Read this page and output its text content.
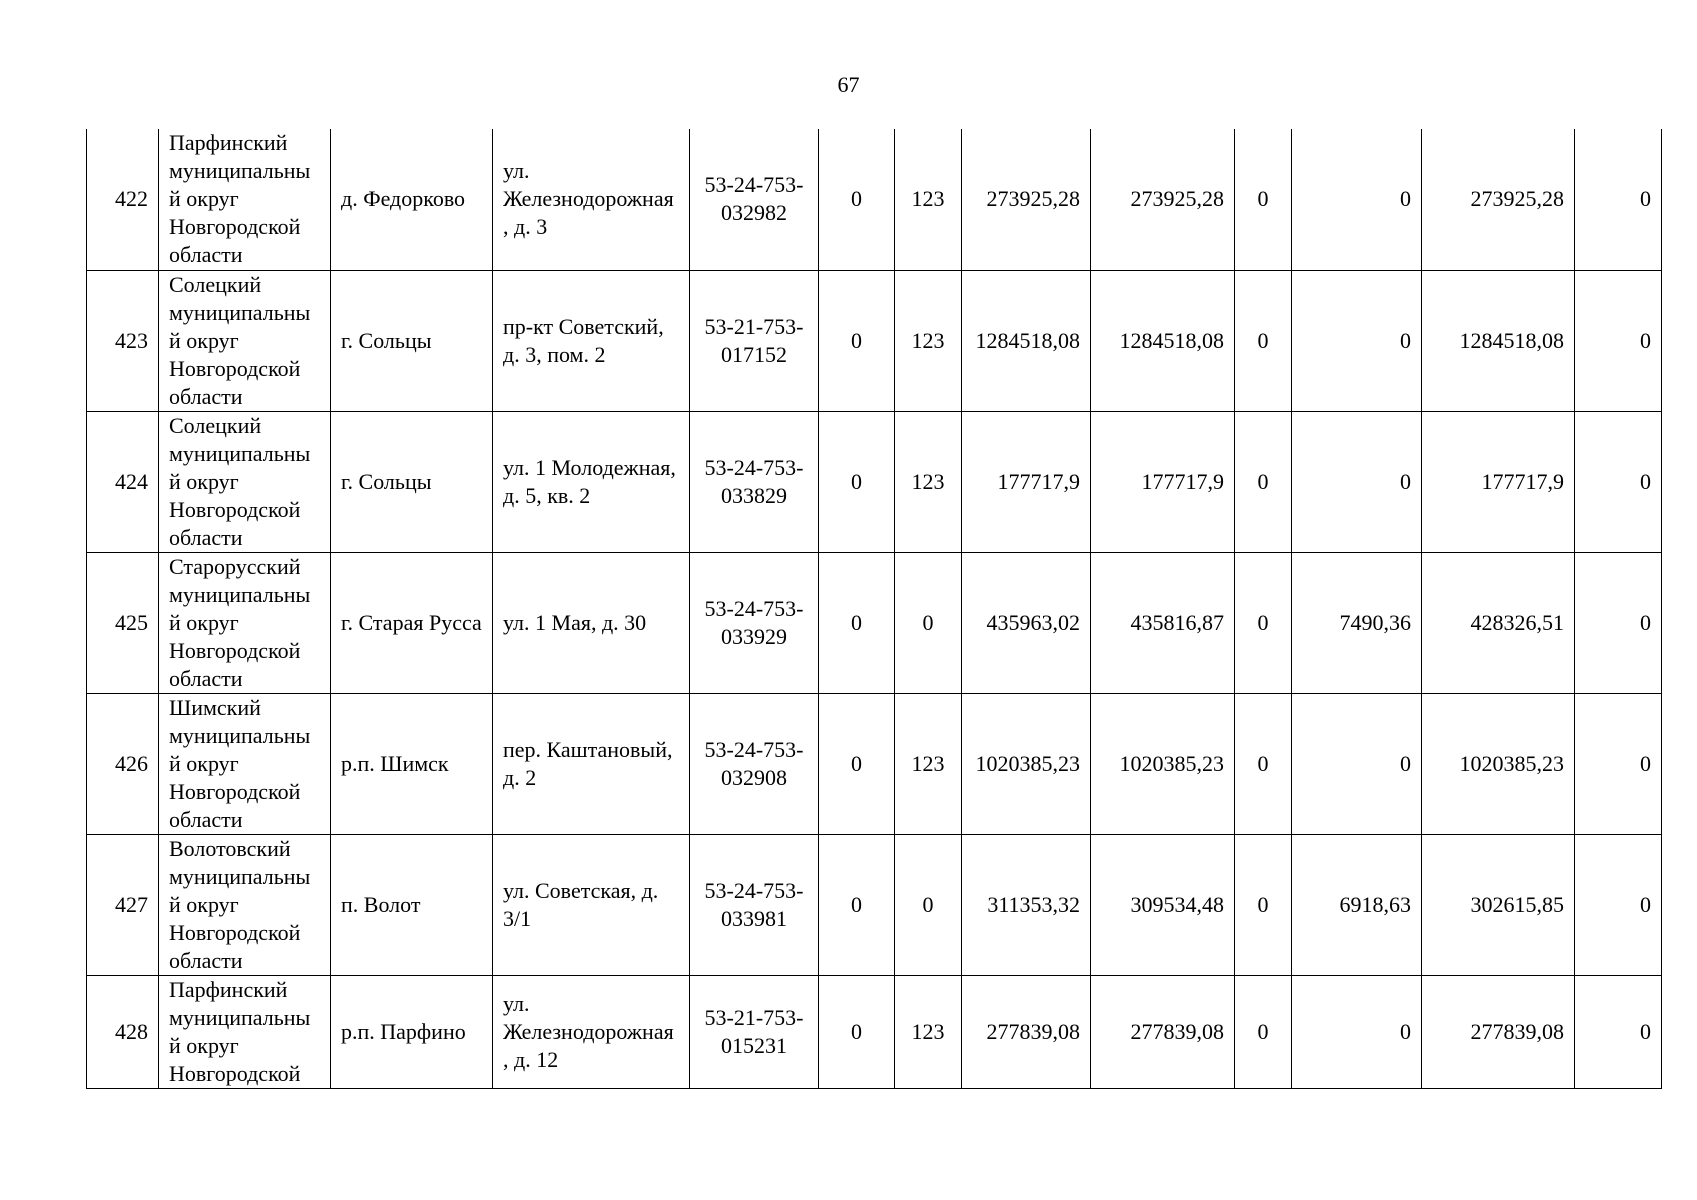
67
422	Парфинский муниципальный округ Новгородской области	д. Федорково	ул. Железнодорожная, д. 3	53-24-753-032982	0	123	273925,28	273925,28	0	0	273925,28	0
423	Солецкий муниципальный округ Новгородской области	г. Сольцы	пр-кт Советский, д. 3, пом. 2	53-21-753-017152	0	123	1284518,08	1284518,08	0	0	1284518,08	0
424	Солецкий муниципальный округ Новгородской области	г. Сольцы	ул. 1 Молодежная, д. 5, кв. 2	53-24-753-033829	0	123	177717,9	177717,9	0	0	177717,9	0
425	Старорусский муниципальный округ Новгородской области	г. Старая Русса	ул. 1 Мая, д. 30	53-24-753-033929	0	0	435963,02	435816,87	0	7490,36	428326,51	0
426	Шимский муниципальный округ Новгородской области	р.п. Шимск	пер. Каштановый, д. 2	53-24-753-032908	0	123	1020385,23	1020385,23	0	0	1020385,23	0
427	Волотовский муниципальный округ Новгородской области	п. Волот	ул. Советская, д. 3/1	53-24-753-033981	0	0	311353,32	309534,48	0	6918,63	302615,85	0
428	Парфинский муниципальный округ Новгородской	р.п. Парфино	ул. Железнодорожная, д. 12	53-21-753-015231	0	123	277839,08	277839,08	0	0	277839,08	0
